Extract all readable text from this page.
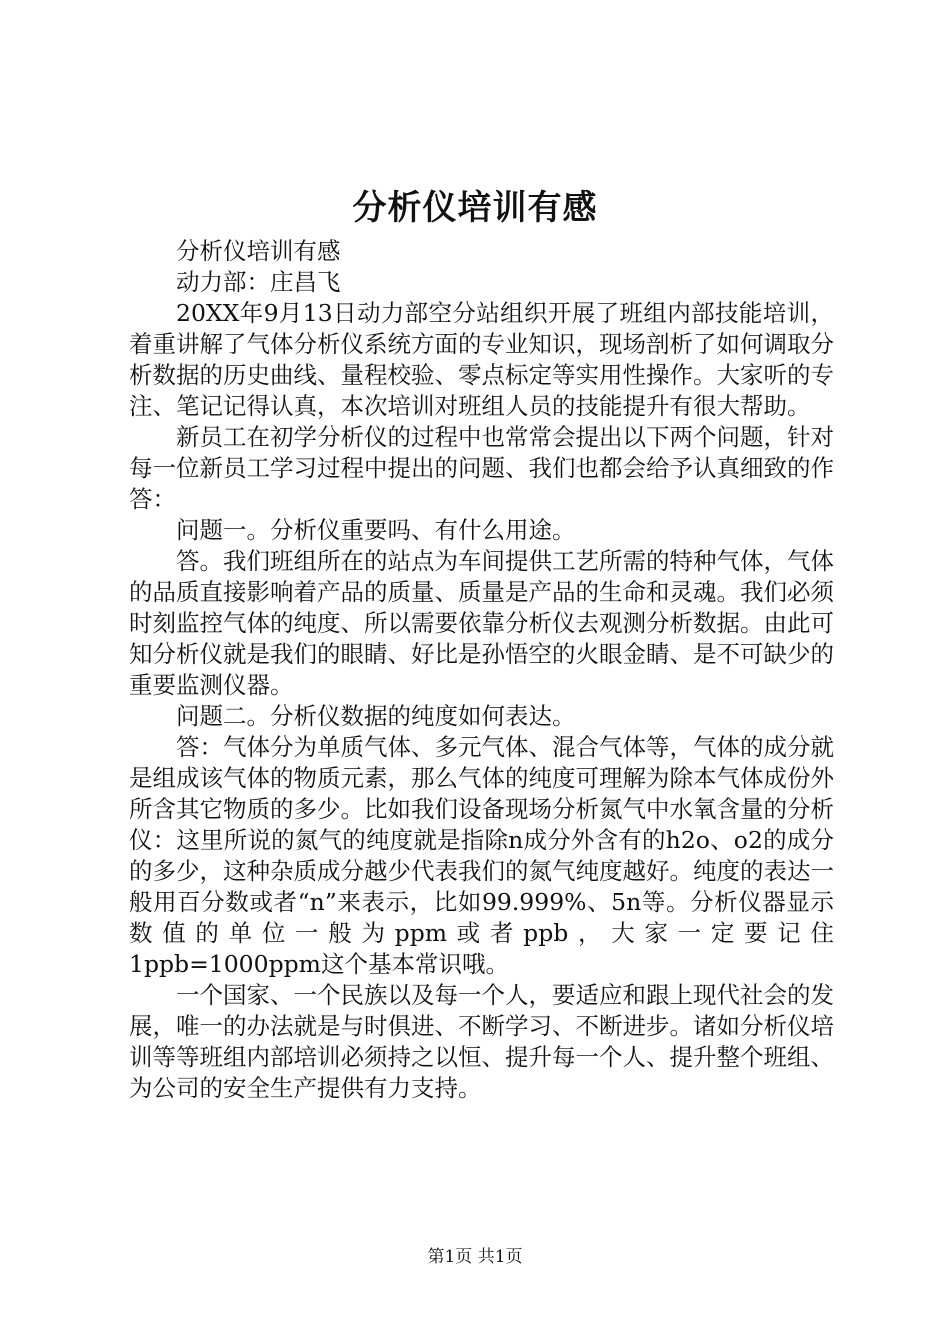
分析仪培训有感

分析仪培训有感

动力部：庄昌飞

20XX年9月13日动力部空分站组织开展了班组内部技能培训，着重讲解了气体分析仪系统方面的专业知识，现场剖析了如何调取分析数据的历史曲线、量程校验、零点标定等实用性操作。大家听的专注、笔记记得认真，本次培训对班组人员的技能提升有很大帮助。

新员工在初学分析仪的过程中也常常会提出以下两个问题，针对每一位新员工学习过程中提出的问题、我们也都会给予认真细致的作答：

问题一。分析仪重要吗、有什么用途。

答。我们班组所在的站点为车间提供工艺所需的特种气体，气体的品质直接影响着产品的质量、质量是产品的生命和灵魂。我们必须时刻监控气体的纯度、所以需要依靠分析仪去观测分析数据。由此可知分析仪就是我们的眼睛、好比是孙悟空的火眼金睛、是不可缺少的重要监测仪器。

问题二。分析仪数据的纯度如何表达。

答：气体分为单质气体、多元气体、混合气体等，气体的成分就是组成该气体的物质元素，那么气体的纯度可理解为除本气体成份外所含其它物质的多少。比如我们设备现场分析氮气中水氧含量的分析仪：这里所说的氮气的纯度就是指除n成分外含有的h2o、o2的成分的多少，这种杂质成分越少代表我们的氮气纯度越好。纯度的表达一般用百分数或者“n”来表示，比如99.999%、5n等。分析仪器显示数值的单位一般为ppm或者ppb，大家一定要记住1ppb=1000ppm这个基本常识哦。

一个国家、一个民族以及每一个人，要适应和跟上现代社会的发展，唯一的办法就是与时俱进、不断学习、不断进步。诸如分析仪培训等等班组内部培训必须持之以恒、提升每一个人、提升整个班组、为公司的安全生产提供有力支持。

第1页 共1页
